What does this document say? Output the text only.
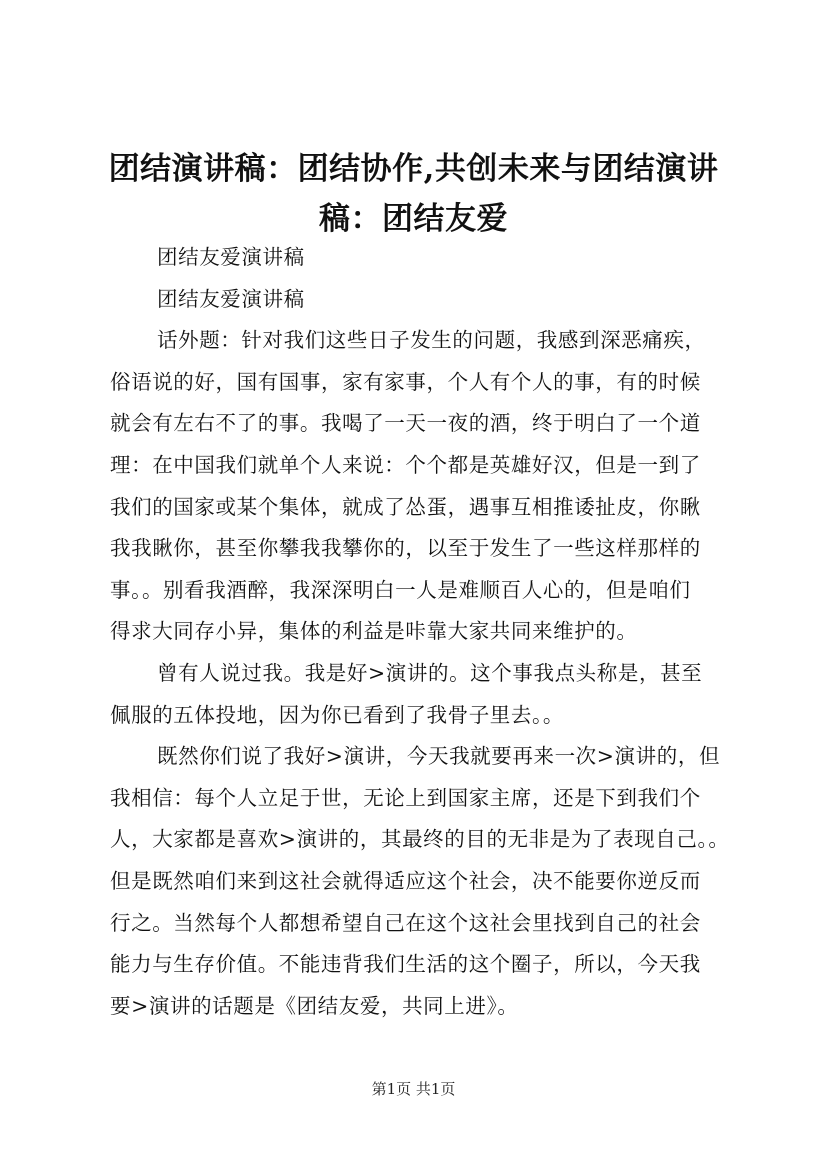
团结演讲稿：团结协作,共创未来与团结演讲
稿：团结友爱
团结友爱演讲稿
团结友爱演讲稿
话外题：针对我们这些日子发生的问题，我感到深恶痛疾，
俗语说的好，国有国事，家有家事，个人有个人的事，有的时候
就会有左右不了的事。我喝了一天一夜的酒，终于明白了一个道
理：在中国我们就单个人来说：个个都是英雄好汉，但是一到了
我们的国家或某个集体，就成了怂蛋，遇事互相推诿扯皮，你瞅
我我瞅你，甚至你攀我我攀你的，以至于发生了一些这样那样的
事。。别看我酒醉，我深深明白一人是难顺百人心的，但是咱们
得求大同存小异，集体的利益是咔靠大家共同来维护的。
曾有人说过我。我是好>演讲的。这个事我点头称是，甚至
佩服的五体投地，因为你已看到了我骨子里去。。
既然你们说了我好>演讲，今天我就要再来一次>演讲的，但
我相信：每个人立足于世，无论上到国家主席，还是下到我们个
人，大家都是喜欢>演讲的，其最终的目的无非是为了表现自己。。
但是既然咱们来到这社会就得适应这个社会，决不能要你逆反而
行之。当然每个人都想希望自己在这个这社会里找到自己的社会
能力与生存价值。不能违背我们生活的这个圈子，所以，今天我
要>演讲的话题是《团结友爱，共同上进》。
第1页 共1页
